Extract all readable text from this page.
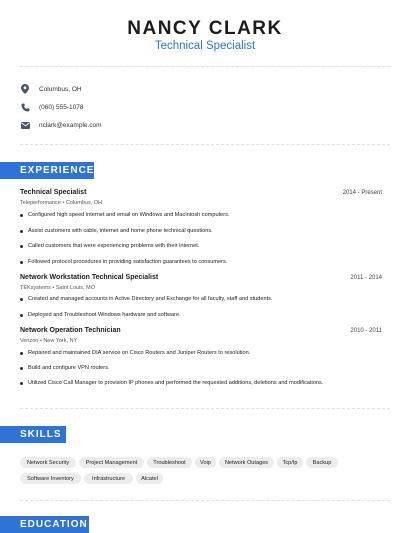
NANCY CLARK
Technical Specialist
Columbus, OH
(060) 555-1078
nclark@example.com
EXPERIENCE
Technical Specialist	2014 - Present
Teleperformance • Columbus, OH
Configured high speed internet and email on Windows and Macintosh computers.
Assist customers with cable, internet and home phone technical questions.
Called customers that were experiencing problems with their internet.
Followed protocol procedures in providing satisfaction guarantees to consumers.
Network Workstation Technical Specialist	2011 - 2014
TEKsystems • Saint Louis, MO
Created and managed accounts in Active Directory and Exchange for all faculty, staff and students.
Deployed and Troubleshoot Windows hardware and software.
Network Operation Technician	2010 - 2011
Verizon • New York, NY
Repaired and maintained DIA service on Cisco Routers and Juniper Routers to resolution.
Build and configure VPN routers.
Utilized Cisco Call Manager to provision IP phones and performed the requested additions, deletions and modifications.
SKILLS
Network Security	Project Management	Troubleshoot	Voip	Network Outages	Tcp/Ip	Backup
Software Inventory	Infrastructure	Alcatel
EDUCATION
